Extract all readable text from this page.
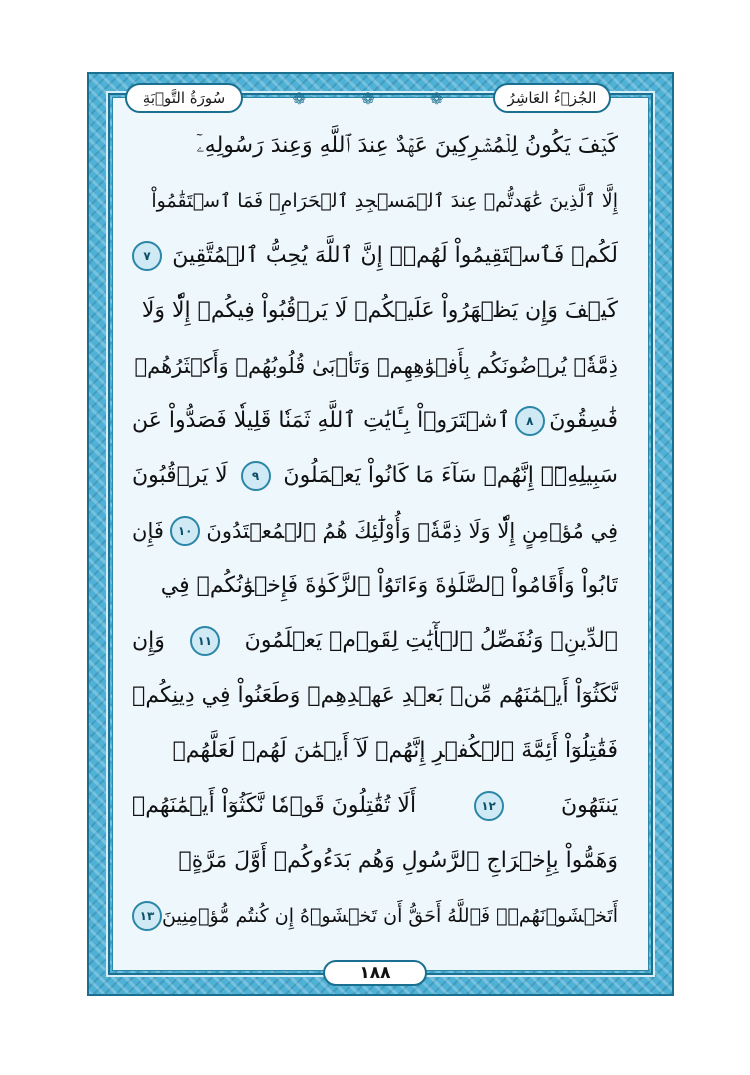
سُورَةُ التَّوۡبَةِ	❁	❁	❁	الجُزۡءُ العَاشِرُ
كَيۡفَ يَكُونُ لِلۡمُشۡرِكِينَ عَهۡدٌ عِندَ ٱللَّهِ وَعِندَ رَسُولِهِۦٓ
إِلَّا ٱلَّذِينَ عَٰهَدتُّمۡ عِندَ ٱلۡمَسۡجِدِ ٱلۡحَرَامِۖ فَمَا ٱسۡتَقَٰمُواْ
لَكُمۡ فَٱسۡتَقِيمُواْ لَهُمۡۚ إِنَّ ٱللَّهَ يُحِبُّ ٱلۡمُتَّقِينَ
٧
كَيۡفَ وَإِن يَظۡهَرُواْ عَلَيۡكُمۡ لَا يَرۡقُبُواْ فِيكُمۡ إِلّٗا وَلَا
ذِمَّةٗۚ يُرۡضُونَكُم بِأَفۡوَٰهِهِمۡ وَتَأۡبَىٰ قُلُوبُهُمۡ وَأَكۡثَرُهُمۡ
فَٰسِقُونَ
٨
ٱشۡتَرَوۡاْ بِـَٔايَٰتِ ٱللَّهِ ثَمَنٗا قَلِيلٗا فَصَدُّواْ عَن
سَبِيلِهِۦٓۚ إِنَّهُمۡ سَآءَ مَا كَانُواْ يَعۡمَلُونَ
٩
لَا يَرۡقُبُونَ
فِي مُؤۡمِنٍ إِلّٗا وَلَا ذِمَّةٗۚ وَأُوْلَٰٓئِكَ هُمُ ٱلۡمُعۡتَدُونَ
١٠
فَإِن
تَابُواْ وَأَقَامُواْ ٱلصَّلَوٰةَ وَءَاتَوُاْ ٱلزَّكَوٰةَ فَإِخۡوَٰنُكُمۡ فِي
ٱلدِّينِۗ وَنُفَصِّلُ ٱلۡأٓيَٰتِ لِقَوۡمٖ يَعۡلَمُونَ
١١
وَإِن
نَّكَثُوٓاْ أَيۡمَٰنَهُم مِّنۢ بَعۡدِ عَهۡدِهِمۡ وَطَعَنُواْ فِي دِينِكُمۡ
فَقَٰتِلُوٓاْ أَئِمَّةَ ٱلۡكُفۡرِ إِنَّهُمۡ لَآ أَيۡمَٰنَ لَهُمۡ لَعَلَّهُمۡ
يَنتَهُونَ
١٢
أَلَا تُقَٰتِلُونَ قَوۡمٗا نَّكَثُوٓاْ أَيۡمَٰنَهُمۡ
وَهَمُّواْ بِإِخۡرَاجِ ٱلرَّسُولِ وَهُم بَدَءُوكُمۡ أَوَّلَ مَرَّةٍۚ
أَتَخۡشَوۡنَهُمۡۚ فَٱللَّهُ أَحَقُّ أَن تَخۡشَوۡهُ إِن كُنتُم مُّؤۡمِنِينَ
١٣
١٨٨
